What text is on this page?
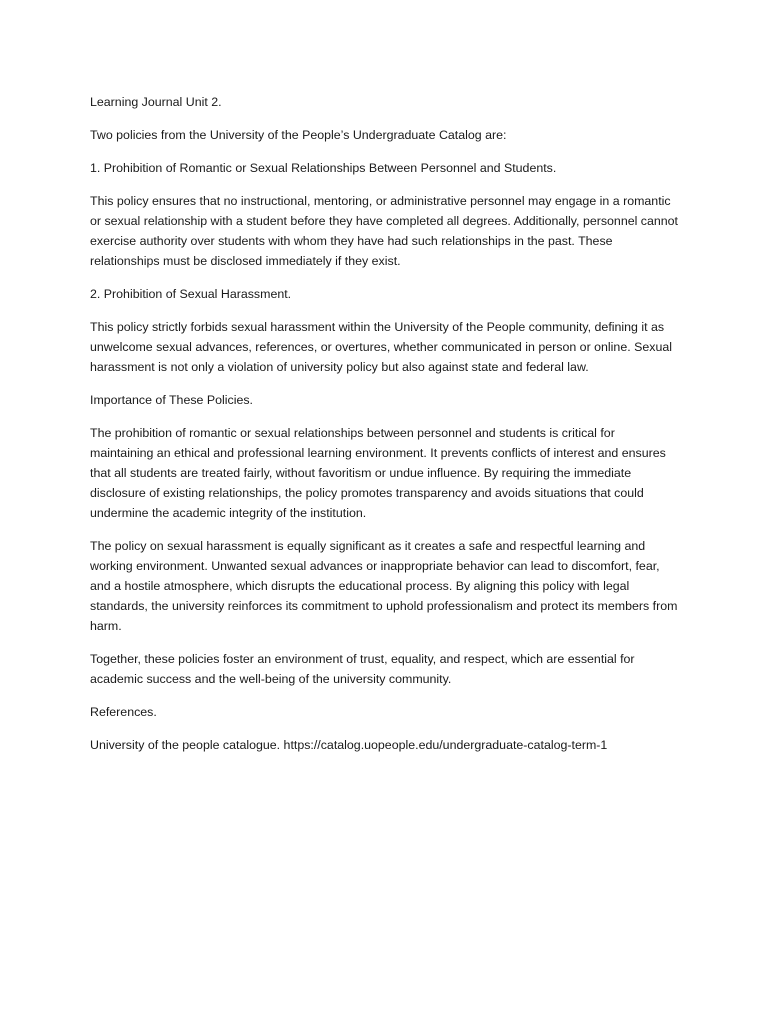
Learning Journal Unit 2.

Two policies from the University of the People’s Undergraduate Catalog are:

1. Prohibition of Romantic or Sexual Relationships Between Personnel and Students.

This policy ensures that no instructional, mentoring, or administrative personnel may engage in a romantic or sexual relationship with a student before they have completed all degrees. Additionally, personnel cannot exercise authority over students with whom they have had such relationships in the past. These relationships must be disclosed immediately if they exist.

2. Prohibition of Sexual Harassment.

This policy strictly forbids sexual harassment within the University of the People community, defining it as unwelcome sexual advances, references, or overtures, whether communicated in person or online. Sexual harassment is not only a violation of university policy but also against state and federal law.

Importance of These Policies.

The prohibition of romantic or sexual relationships between personnel and students is critical for maintaining an ethical and professional learning environment. It prevents conflicts of interest and ensures that all students are treated fairly, without favoritism or undue influence. By requiring the immediate disclosure of existing relationships, the policy promotes transparency and avoids situations that could undermine the academic integrity of the institution.

The policy on sexual harassment is equally significant as it creates a safe and respectful learning and working environment. Unwanted sexual advances or inappropriate behavior can lead to discomfort, fear, and a hostile atmosphere, which disrupts the educational process. By aligning this policy with legal standards, the university reinforces its commitment to uphold professionalism and protect its members from harm.

Together, these policies foster an environment of trust, equality, and respect, which are essential for academic success and the well-being of the university community.

References.

University of the people catalogue. https://catalog.uopeople.edu/undergraduate-catalog-term-1
